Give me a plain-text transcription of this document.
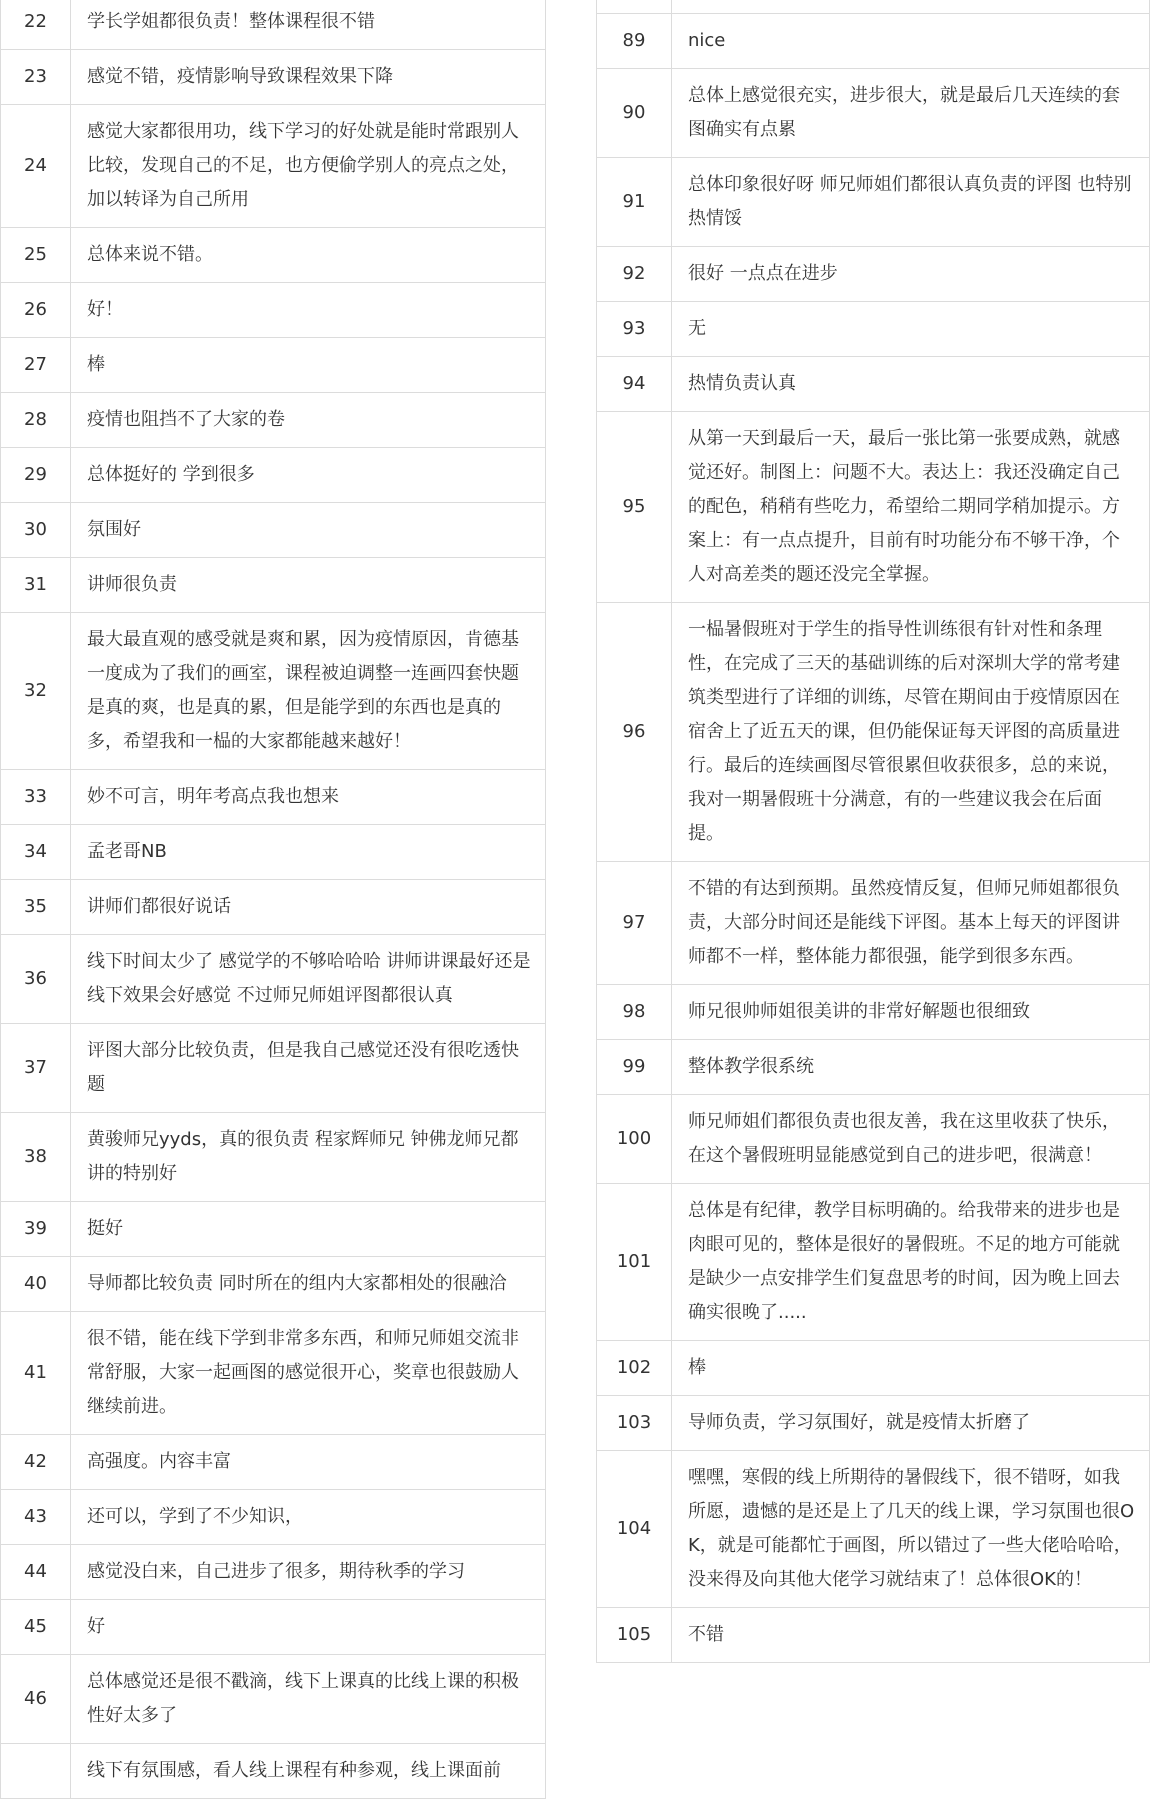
22	学长学姐都很负责！整体课程很不错
23	感觉不错，疫情影响导致课程效果下降
24	感觉大家都很用功，线下学习的好处就是能时常跟别人比较，发现自己的不足，也方便偷学别人的亮点之处，加以转译为自己所用
25	总体来说不错。
26	好！
27	棒
28	疫情也阻挡不了大家的卷
29	总体挺好的 学到很多
30	氛围好
31	讲师很负责
32	最大最直观的感受就是爽和累，因为疫情原因，肯德基一度成为了我们的画室，课程被迫调整一连画四套快题是真的爽，也是真的累，但是能学到的东西也是真的多，希望我和一榀的大家都能越来越好！
33	妙不可言，明年考高点我也想来
34	孟老哥NB
35	讲师们都很好说话
36	线下时间太少了 感觉学的不够哈哈哈 讲师讲课最好还是线下效果会好感觉 不过师兄师姐评图都很认真
37	评图大部分比较负责，但是我自己感觉还没有很吃透快题
38	黄骏师兄yyds，真的很负责 程家辉师兄 钟佛龙师兄都讲的特别好
39	挺好
40	导师都比较负责 同时所在的组内大家都相处的很融洽
41	很不错，能在线下学到非常多东西，和师兄师姐交流非常舒服，大家一起画图的感觉很开心，奖章也很鼓励人继续前进。
42	高强度。内容丰富
43	还可以，学到了不少知识，
44	感觉没白来，自己进步了很多，期待秋季的学习
45	好
46	总体感觉还是很不戳滴，线下上课真的比线上课的积极性好太多了
	线下有氛围感，看人线上课程有种参观，线上课面前

89	nice
90	总体上感觉很充实，进步很大，就是最后几天连续的套图确实有点累
91	总体印象很好呀 师兄师姐们都很认真负责的评图 也特别热情馁
92	很好 一点点在进步
93	无
94	热情负责认真
95	从第一天到最后一天，最后一张比第一张要成熟，就感觉还好。制图上：问题不大。表达上：我还没确定自己的配色，稍稍有些吃力，希望给二期同学稍加提示。方案上：有一点点提升，目前有时功能分布不够干净，个人对高差类的题还没完全掌握。
96	一榀暑假班对于学生的指导性训练很有针对性和条理性，在完成了三天的基础训练的后对深圳大学的常考建筑类型进行了详细的训练，尽管在期间由于疫情原因在宿舍上了近五天的课，但仍能保证每天评图的高质量进行。最后的连续画图尽管很累但收获很多，总的来说，我对一期暑假班十分满意，有的一些建议我会在后面提。
97	不错的有达到预期。虽然疫情反复，但师兄师姐都很负责，大部分时间还是能线下评图。基本上每天的评图讲师都不一样，整体能力都很强，能学到很多东西。
98	师兄很帅师姐很美讲的非常好解题也很细致
99	整体教学很系统
100	师兄师姐们都很负责也很友善，我在这里收获了快乐，在这个暑假班明显能感觉到自己的进步吧，很满意！
101	总体是有纪律，教学目标明确的。给我带来的进步也是肉眼可见的，整体是很好的暑假班。不足的地方可能就是缺少一点安排学生们复盘思考的时间，因为晚上回去确实很晚了.....
102	棒
103	导师负责，学习氛围好，就是疫情太折磨了
104	嘿嘿，寒假的线上所期待的暑假线下，很不错呀，如我所愿，遗憾的是还是上了几天的线上课，学习氛围也很OK，就是可能都忙于画图，所以错过了一些大佬哈哈哈，没来得及向其他大佬学习就结束了！总体很OK的！
105	不错
